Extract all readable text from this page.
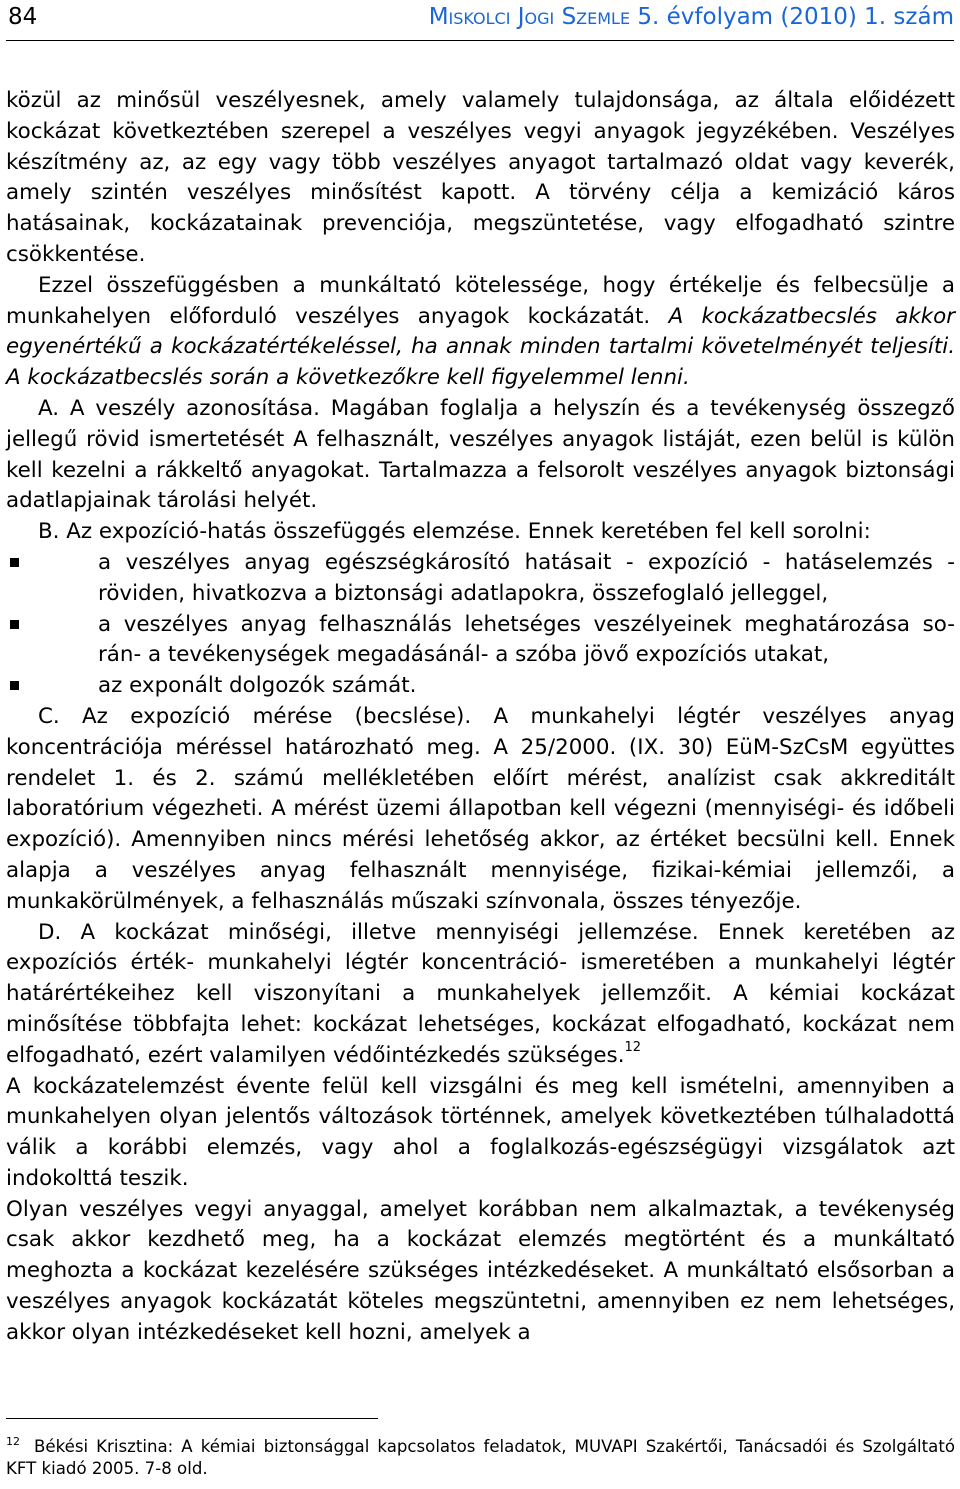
84	Miskolci Jogi Szemle 5. évfolyam (2010) 1. szám

közül az minősül veszélyesnek, amely valamely tulajdonsága, az általa előidézett kockázat következtében szerepel a veszélyes vegyi anyagok jegyzékében. Veszélyes készítmény az, az egy vagy több veszélyes anyagot tartalmazó oldat vagy keverék, amely szintén veszélyes minősítést kapott. A törvény célja a kemizáció káros hatásainak, kockázatainak prevenciója, megszüntetése, vagy elfogadható szintre csökkentése.

Ezzel összefüggésben a munkáltató kötelessége, hogy értékelje és felbecsülje a munkahelyen előforduló veszélyes anyagok kockázatát. A kockázatbecslés akkor egyenértékű a kockázatértékeléssel, ha annak minden tartalmi követelményét teljesíti. A kockázatbecslés során a következőkre kell figyelemmel lenni.

A. A veszély azonosítása. Magában foglalja a helyszín és a tevékenység összegző jellegű rövid ismertetését A felhasznált, veszélyes anyagok listáját, ezen belül is külön kell kezelni a rákkeltő anyagokat. Tartalmazza a felsorolt veszélyes anyagok biztonsági adatlapjainak tárolási helyét.

B. Az expozíció-hatás összefüggés elemzése. Ennek keretében fel kell sorolni:

a veszélyes anyag egészségkárosító hatásait - expozíció - hatáselemzés - röviden, hivatkozva a biztonsági adatlapokra, összefoglaló jelleggel,
a veszélyes anyag felhasználás lehetséges veszélyeinek meghatározása so-rán- a tevékenységek megadásánál- a szóba jövő expozíciós utakat,
az exponált dolgozók számát.

C. Az expozíció mérése (becslése). A munkahelyi légtér veszélyes anyag koncentrációja méréssel határozható meg. A 25/2000. (IX. 30) EüM-SzCsM együttes rendelet 1. és 2. számú mellékletében előírt mérést, analízist csak akkreditált laboratórium végezheti. A mérést üzemi állapotban kell végezni (mennyiségi- és időbeli expozíció). Amennyiben nincs mérési lehetőség akkor, az értéket becsülni kell. Ennek alapja a veszélyes anyag felhasznált mennyisége, fizikai-kémiai jellemzői, a munkakörülmények, a felhasználás műszaki színvonala, összes tényezője.

D. A kockázat minőségi, illetve mennyiségi jellemzése. Ennek keretében az expozíciós érték- munkahelyi légtér koncentráció- ismeretében a munkahelyi légtér határértékeihez kell viszonyítani a munkahelyek jellemzőit. A kémiai kockázat minősítése többfajta lehet: kockázat lehetséges, kockázat elfogadható, kockázat nem elfogadható, ezért valamilyen védőintézkedés szükséges.$^{12}$

A kockázatelemzést évente felül kell vizsgálni és meg kell ismételni, amennyiben a munkahelyen olyan jelentős változások történnek, amelyek következtében túlhaladottá válik a korábbi elemzés, vagy ahol a foglalkozás-egészségügyi vizsgálatok azt indokolttá teszik.

Olyan veszélyes vegyi anyaggal, amelyet korábban nem alkalmaztak, a tevékenység csak akkor kezdhető meg, ha a kockázat elemzés megtörtént és a munkáltató meghozta a kockázat kezelésére szükséges intézkedéseket. A munkáltató elsősorban a veszélyes anyagok kockázatát köteles megszüntetni, amennyiben ez nem lehetséges, akkor olyan intézkedéseket kell hozni, amelyek a

$^{12}$ Békési Krisztina: A kémiai biztonsággal kapcsolatos feladatok, MUVAPI Szakértői, Tanácsadói és Szolgáltató KFT kiadó 2005. 7-8 old.
